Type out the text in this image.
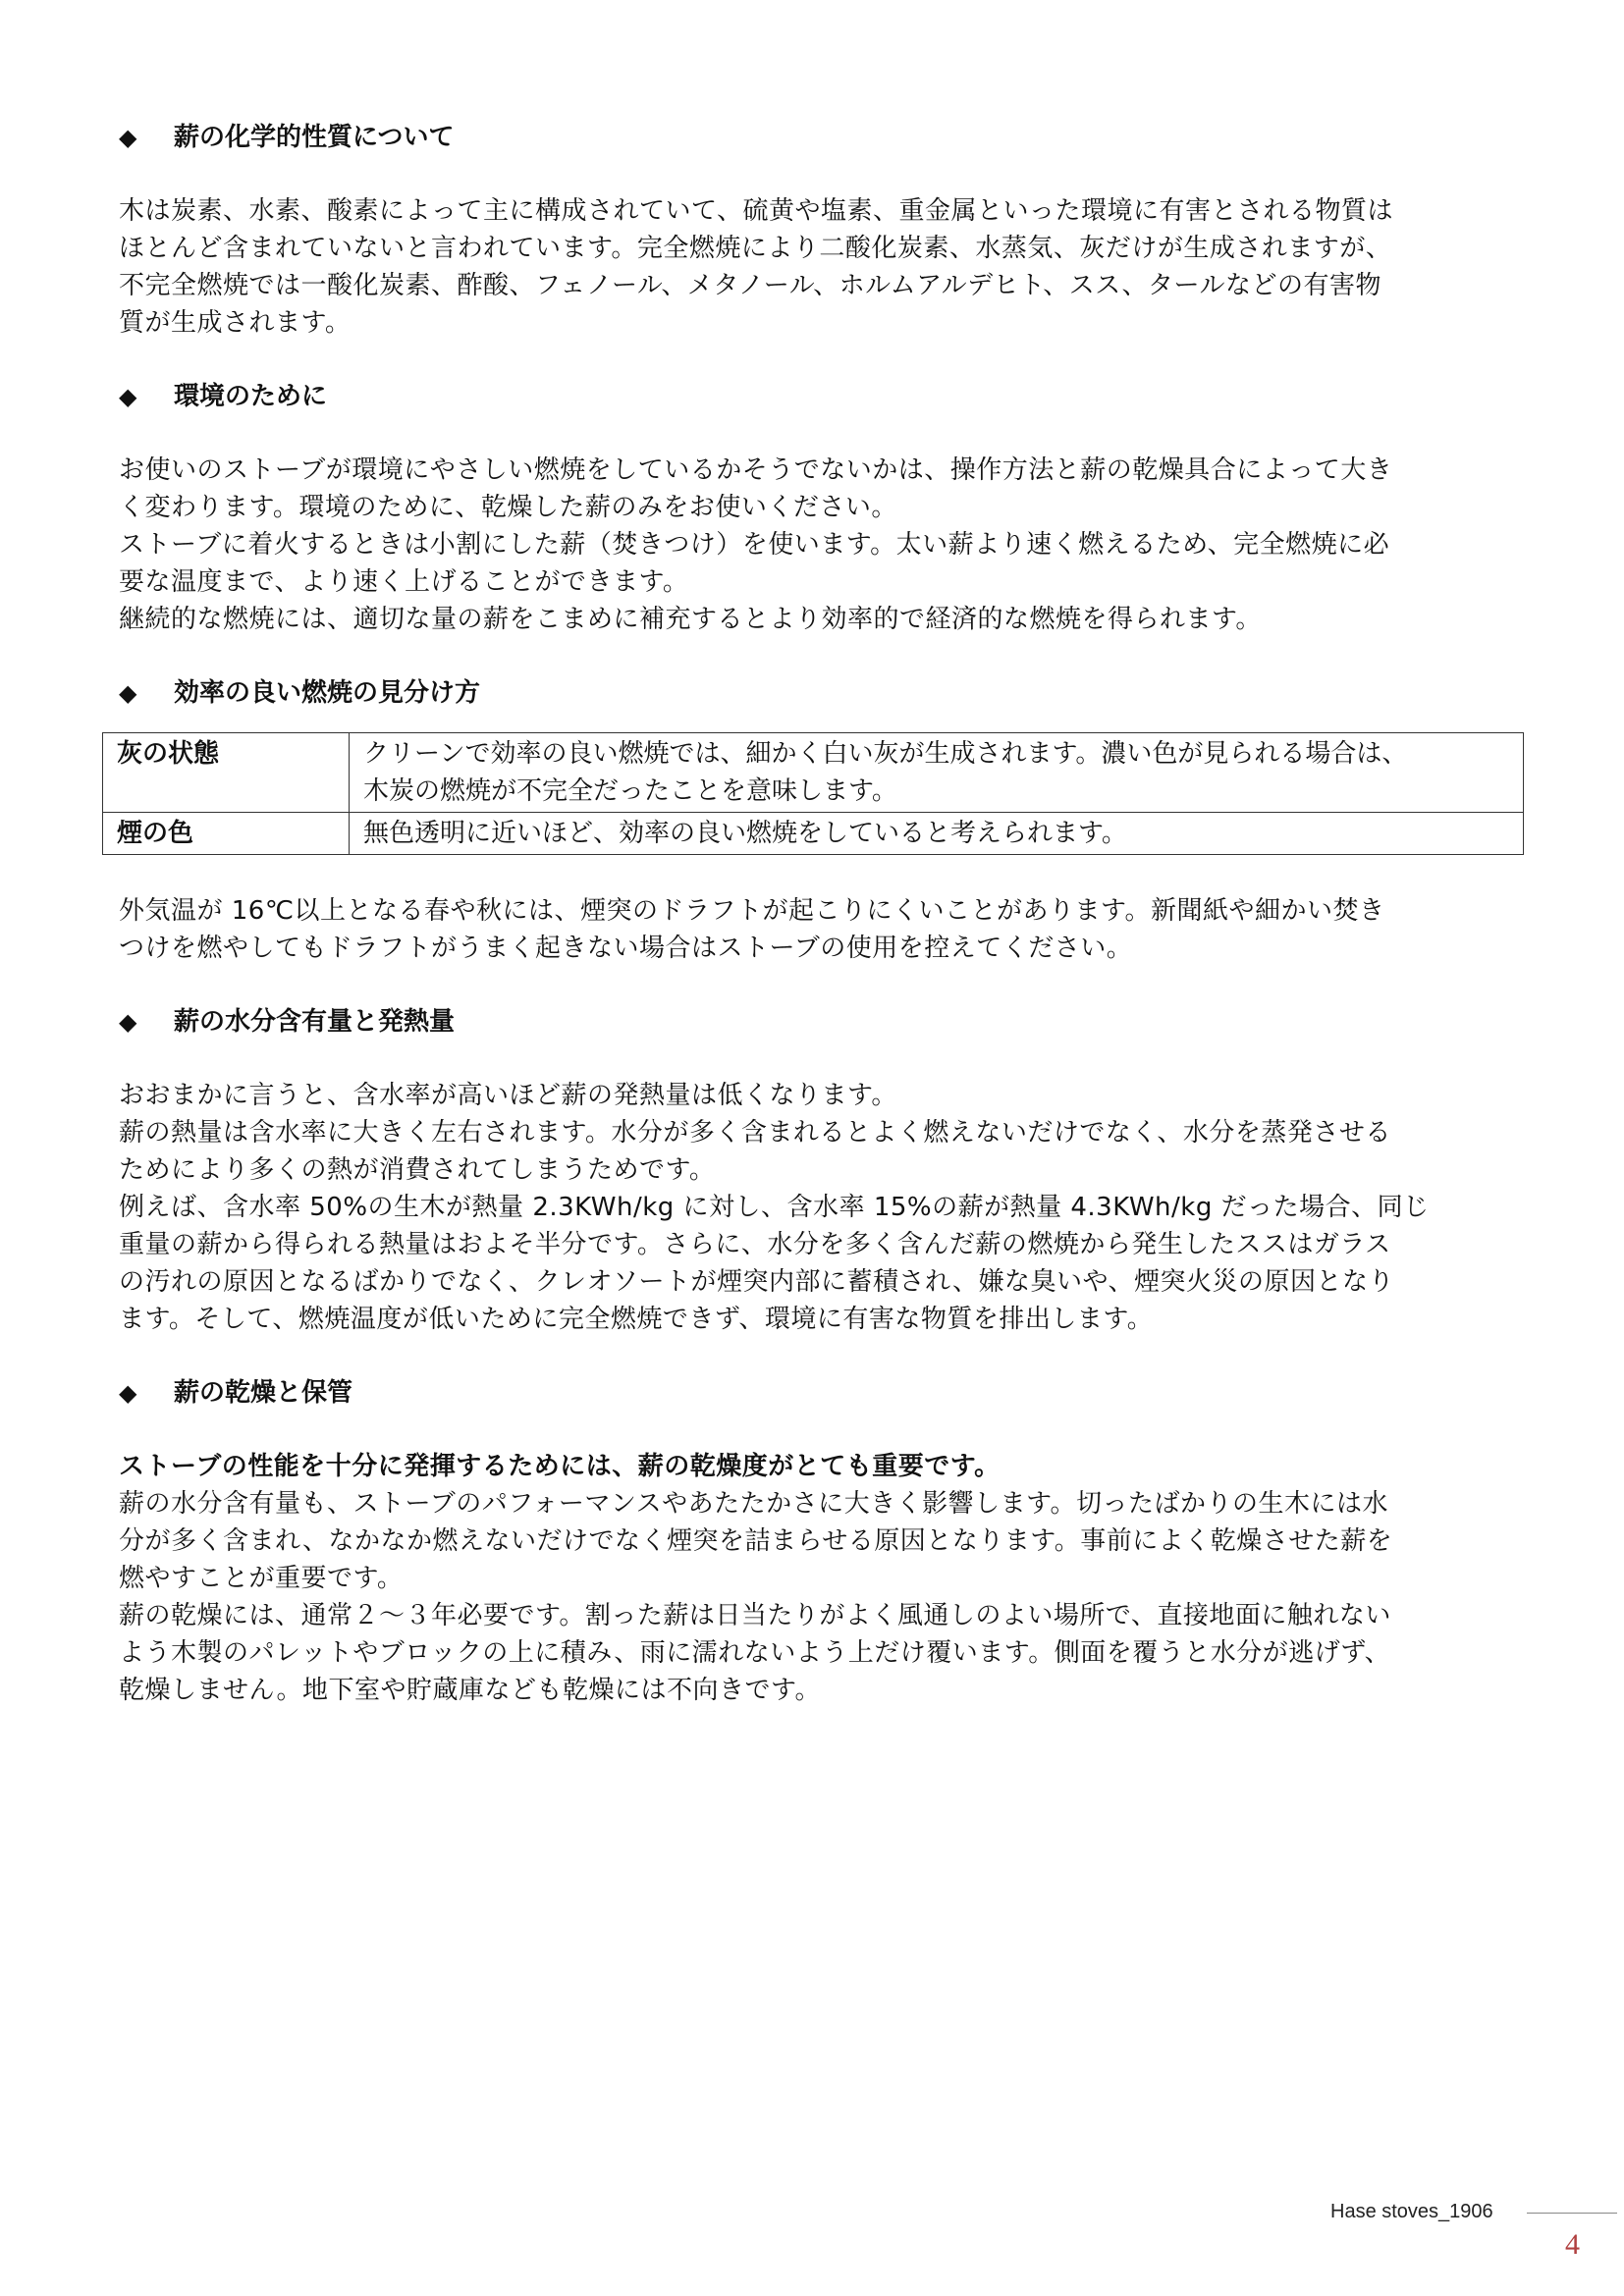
◆	薪の化学的性質について

木は炭素、水素、酸素によって主に構成されていて、硫黄や塩素、重金属といった環境に有害とされる物質は

ほとんど含まれていないと言われています。完全燃焼により二酸化炭素、水蒸気、灰だけが生成されますが、

不完全燃焼では一酸化炭素、酢酸、フェノール、メタノール、ホルムアルデヒト、スス、タールなどの有害物

質が生成されます。

◆	環境のために

お使いのストーブが環境にやさしい燃焼をしているかそうでないかは、操作方法と薪の乾燥具合によって大き

く変わります。環境のために、乾燥した薪のみをお使いください。

ストーブに着火するときは小割にした薪（焚きつけ）を使います。太い薪より速く燃えるため、完全燃焼に必

要な温度まで、より速く上げることができます。

継続的な燃焼には、適切な量の薪をこまめに補充するとより効率的で経済的な燃焼を得られます。

◆	効率の良い燃焼の見分け方
灰の状態	クリーンで効率の良い燃焼では、細かく白い灰が生成されます。濃い色が見られる場合は、
木炭の燃焼が不完全だったことを意味します。

煙の色	無色透明に近いほど、効率の良い燃焼をしていると考えられます。

外気温が 16℃以上となる春や秋には、煙突のドラフトが起こりにくいことがあります。新聞紙や細かい焚き

つけを燃やしてもドラフトがうまく起きない場合はストーブの使用を控えてください。

◆	薪の水分含有量と発熱量

おおまかに言うと、含水率が高いほど薪の発熱量は低くなります。

薪の熱量は含水率に大きく左右されます。水分が多く含まれるとよく燃えないだけでなく、水分を蒸発させる

ためにより多くの熱が消費されてしまうためです。

例えば、含水率 50%の生木が熱量 2.3KWh/kg に対し、含水率 15%の薪が熱量 4.3KWh/kg だった場合、同じ

重量の薪から得られる熱量はおよそ半分です。さらに、水分を多く含んだ薪の燃焼から発生したススはガラス

の汚れの原因となるばかりでなく、クレオソートが煙突内部に蓄積され、嫌な臭いや、煙突火災の原因となり

ます。そして、燃焼温度が低いために完全燃焼できず、環境に有害な物質を排出します。

◆	薪の乾燥と保管

ストーブの性能を十分に発揮するためには、薪の乾燥度がとても重要です。

薪の水分含有量も、ストーブのパフォーマンスやあたたかさに大きく影響します。切ったばかりの生木には水

分が多く含まれ、なかなか燃えないだけでなく煙突を詰まらせる原因となります。事前によく乾燥させた薪を

燃やすことが重要です。

薪の乾燥には、通常２～３年必要です。割った薪は日当たりがよく風通しのよい場所で、直接地面に触れない

よう木製のパレットやブロックの上に積み、雨に濡れないよう上だけ覆います。側面を覆うと水分が逃げず、

乾燥しません。地下室や貯蔵庫なども乾燥には不向きです。

Hase stoves_1906
4
